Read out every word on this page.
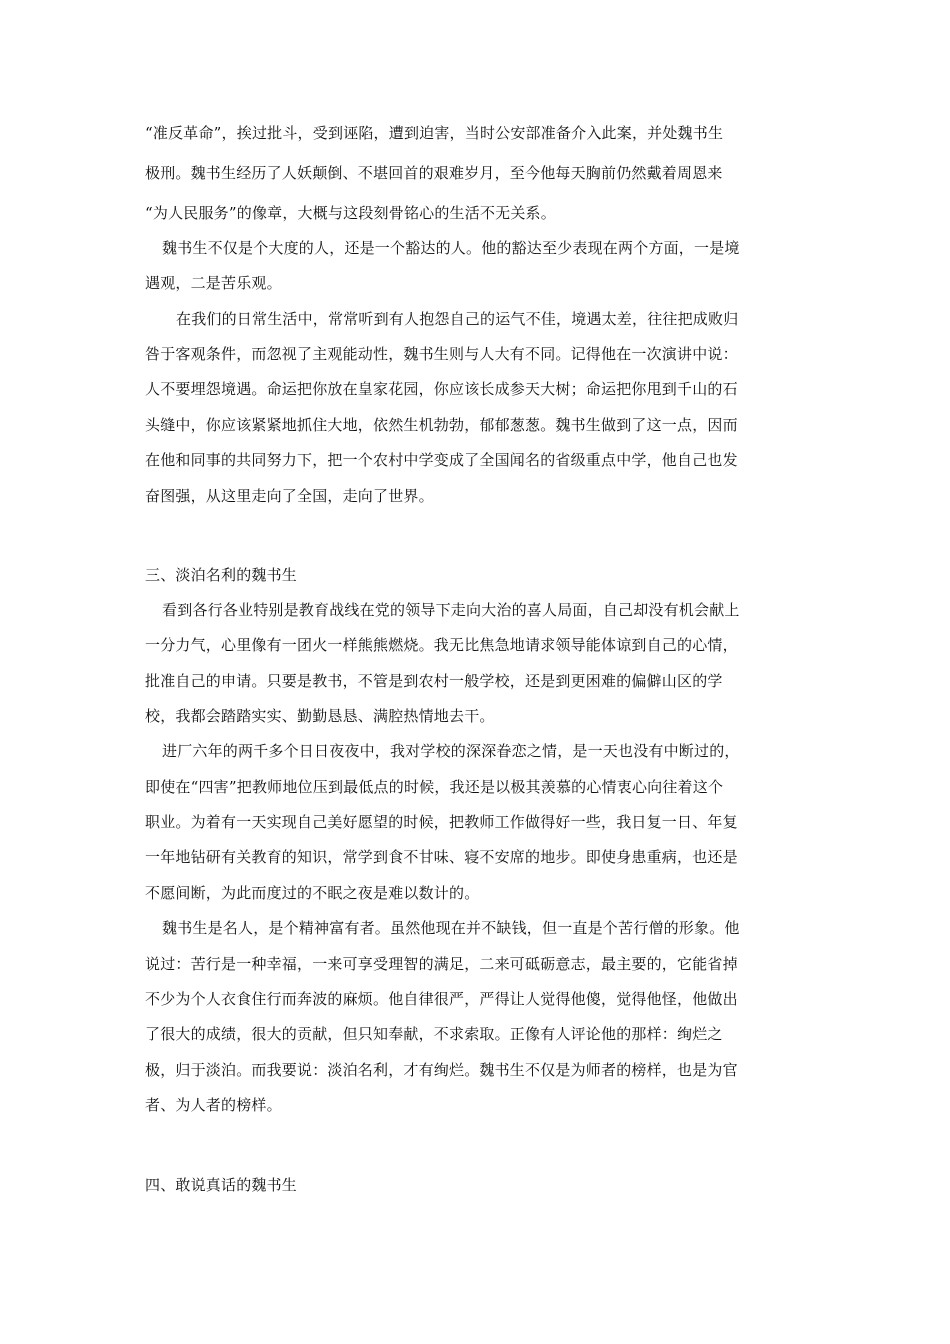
“准反革命”，挨过批斗，受到诬陷，遭到迫害，当时公安部准备介入此案，并处魏书生
极刑。魏书生经历了人妖颠倒、不堪回首的艰难岁月，至今他每天胸前仍然戴着周恩来
“为人民服务”的像章，大概与这段刻骨铭心的生活不无关系。
魏书生不仅是个大度的人，还是一个豁达的人。他的豁达至少表现在两个方面，一是境
遇观，二是苦乐观。
在我们的日常生活中，常常听到有人抱怨自己的运气不佳，境遇太差，往往把成败归
咎于客观条件，而忽视了主观能动性，魏书生则与人大有不同。记得他在一次演讲中说：
人不要埋怨境遇。命运把你放在皇家花园，你应该长成参天大树；命运把你甩到千山的石
头缝中，你应该紧紧地抓住大地，依然生机勃勃，郁郁葱葱。魏书生做到了这一点，因而
在他和同事的共同努力下，把一个农村中学变成了全国闻名的省级重点中学，他自己也发
奋图强，从这里走向了全国，走向了世界。
三、淡泊名利的魏书生
看到各行各业特别是教育战线在党的领导下走向大治的喜人局面，自己却没有机会献上
一分力气，心里像有一团火一样熊熊燃烧。我无比焦急地请求领导能体谅到自己的心情，
批准自己的申请。只要是教书，不管是到农村一般学校，还是到更困难的偏僻山区的学
校，我都会踏踏实实、勤勤恳恳、满腔热情地去干。
进厂六年的两千多个日日夜夜中，我对学校的深深眷恋之情，是一天也没有中断过的，
即使在“四害”把教师地位压到最低点的时候，我还是以极其羡慕的心情衷心向往着这个
职业。为着有一天实现自己美好愿望的时候，把教师工作做得好一些，我日复一日、年复
一年地钻研有关教育的知识，常学到食不甘味、寝不安席的地步。即使身患重病，也还是
不愿间断，为此而度过的不眠之夜是难以数计的。
魏书生是名人，是个精神富有者。虽然他现在并不缺钱，但一直是个苦行僧的形象。他
说过：苦行是一种幸福，一来可享受理智的满足，二来可砥砺意志，最主要的，它能省掉
不少为个人衣食住行而奔波的麻烦。他自律很严，严得让人觉得他傻，觉得他怪，他做出
了很大的成绩，很大的贡献，但只知奉献，不求索取。正像有人评论他的那样：绚烂之
极，归于淡泊。而我要说：淡泊名利，才有绚烂。魏书生不仅是为师者的榜样，也是为官
者、为人者的榜样。
四、敢说真话的魏书生
